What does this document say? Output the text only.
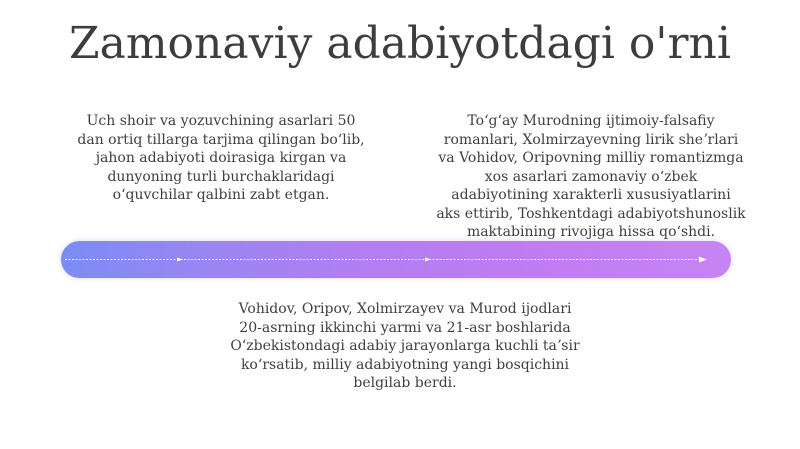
Zamonaviy adabiyotdagi o'rni
Uch shoir va yozuvchining asarlari 50
dan ortiq tillarga tarjima qilingan boʻlib,
jahon adabiyoti doirasiga kirgan va
dunyoning turli burchaklaridagi
oʻquvchilar qalbini zabt etgan.
Toʻgʻay Murodning ijtimoiy-falsafiy
romanlari, Xolmirzayevning lirik sheʼrlari
va Vohidov, Oripovning milliy romantizmga
xos asarlari zamonaviy oʻzbek
adabiyotining xarakterli xususiyatlarini
aks ettirib, Toshkentdagi adabiyotshunoslik
maktabining rivojiga hissa qoʻshdi.
Vohidov, Oripov, Xolmirzayev va Murod ijodlari
20-asrning ikkinchi yarmi va 21-asr boshlarida
Oʻzbekistondagi adabiy jarayonlarga kuchli taʼsir
koʻrsatib, milliy adabiyotning yangi bosqichini
belgilab berdi.
